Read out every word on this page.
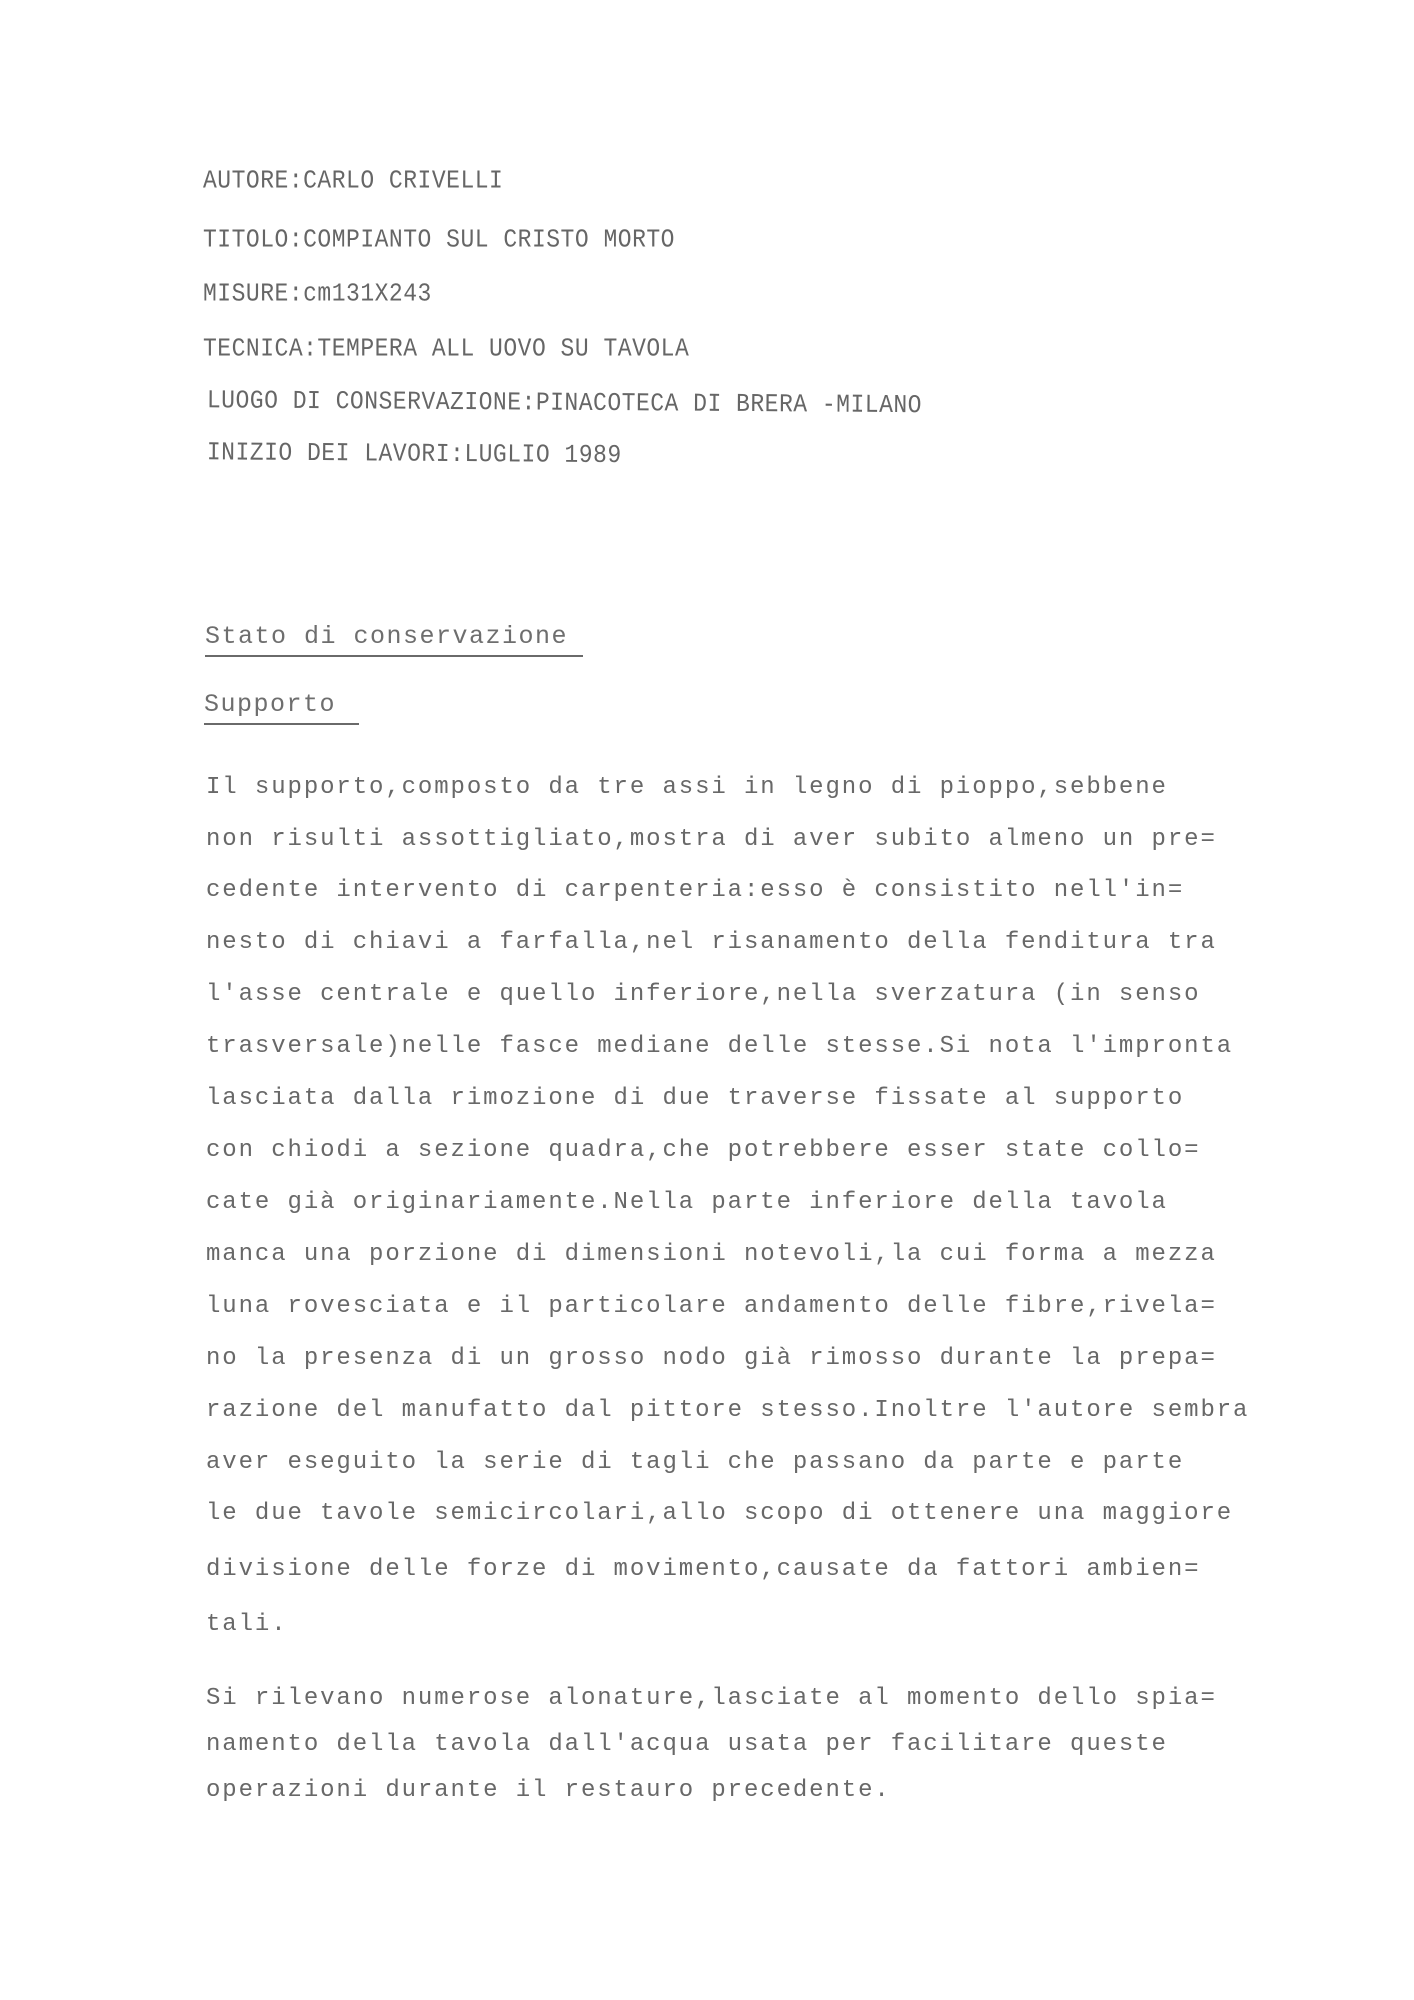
AUTORE:CARLO CRIVELLI
TITOLO:COMPIANTO SUL CRISTO MORTO
MISURE:cm131X243
TECNICA:TEMPERA ALL UOVO SU TAVOLA
LUOGO DI CONSERVAZIONE:PINACOTECA DI BRERA -MILANO
INIZIO DEI LAVORI:LUGLIO 1989
Stato di conservazione
Supporto
Il supporto,composto da tre assi in legno di pioppo,sebbene
non risulti assottigliato,mostra di aver subito almeno un pre=
cedente intervento di carpenteria:esso è consistito nell'in=
nesto di chiavi a farfalla,nel risanamento della fenditura tra
l'asse centrale e quello inferiore,nella sverzatura (in senso
trasversale)nelle fasce mediane delle stesse.Si nota l'impronta
lasciata dalla rimozione di due traverse fissate al supporto
con chiodi a sezione quadra,che potrebbere esser state collo=
cate già originariamente.Nella parte inferiore della tavola
manca una porzione di dimensioni notevoli,la cui forma a mezza
luna rovesciata e il particolare andamento delle fibre,rivela=
no la presenza di un grosso nodo già rimosso durante la prepa=
razione del manufatto dal pittore stesso.Inoltre l'autore sembra
aver eseguito la serie di tagli che passano da parte e parte
le due tavole semicircolari,allo scopo di ottenere una maggiore
divisione delle forze di movimento,causate da fattori ambien=
tali.
Si rilevano numerose alonature,lasciate al momento dello spia=
namento della tavola dall'acqua usata per facilitare queste
operazioni durante il restauro precedente.
